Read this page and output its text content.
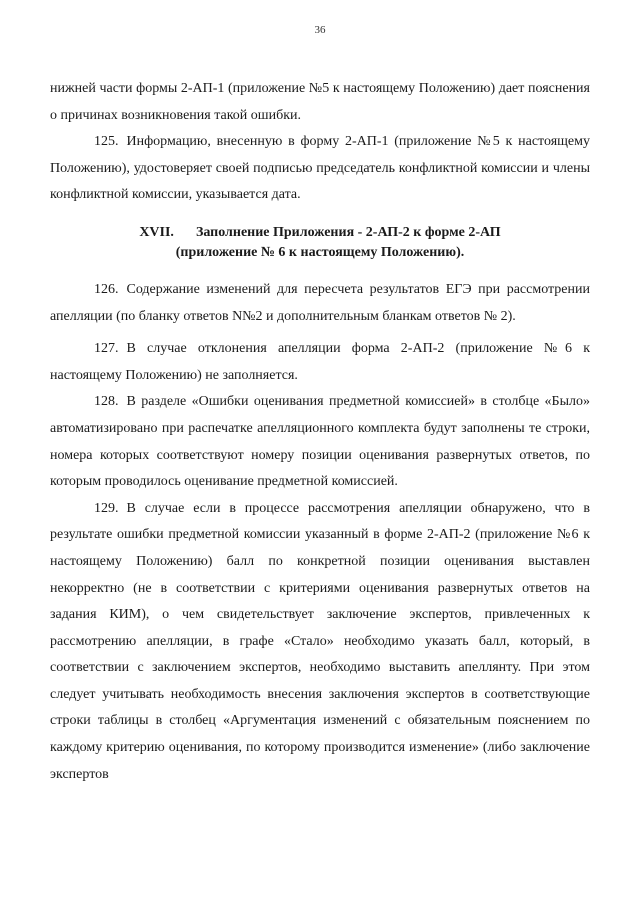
36

нижней части формы 2-АП-1 (приложение №5 к настоящему Положению) дает пояснения о причинах возникновения такой ошибки.

125. Информацию, внесенную в форму 2-АП-1 (приложение №5 к настоящему Положению), удостоверяет своей подписью председатель конфликтной комиссии и члены конфликтной комиссии, указывается дата.

XVII. Заполнение Приложения - 2-АП-2 к форме 2-АП
(приложение № 6 к настоящему Положению).

126. Содержание изменений для пересчета результатов ЕГЭ при рассмотрении апелляции (по бланку ответов N№2 и дополнительным бланкам ответов № 2).

127. В случае отклонения апелляции форма 2-АП-2 (приложение №6 к настоящему Положению) не заполняется.

128. В разделе «Ошибки оценивания предметной комиссией» в столбце «Было» автоматизировано при распечатке апелляционного комплекта будут заполнены те строки, номера которых соответствуют номеру позиции оценивания развернутых ответов, по которым проводилось оценивание предметной комиссией.

129. В случае если в процессе рассмотрения апелляции обнаружено, что в результате ошибки предметной комиссии указанный в форме 2-АП-2 (приложение №6 к настоящему Положению) балл по конкретной позиции оценивания выставлен некорректно (не в соответствии с критериями оценивания развернутых ответов на задания КИМ), о чем свидетельствует заключение экспертов, привлеченных к рассмотрению апелляции, в графе «Стало» необходимо указать балл, который, в соответствии с заключением экспертов, необходимо выставить апеллянту. При этом следует учитывать необходимость внесения заключения экспертов в соответствующие строки таблицы в столбец «Аргументация изменений с обязательным пояснением по каждому критерию оценивания, по которому производится изменение» (либо заключение экспертов
